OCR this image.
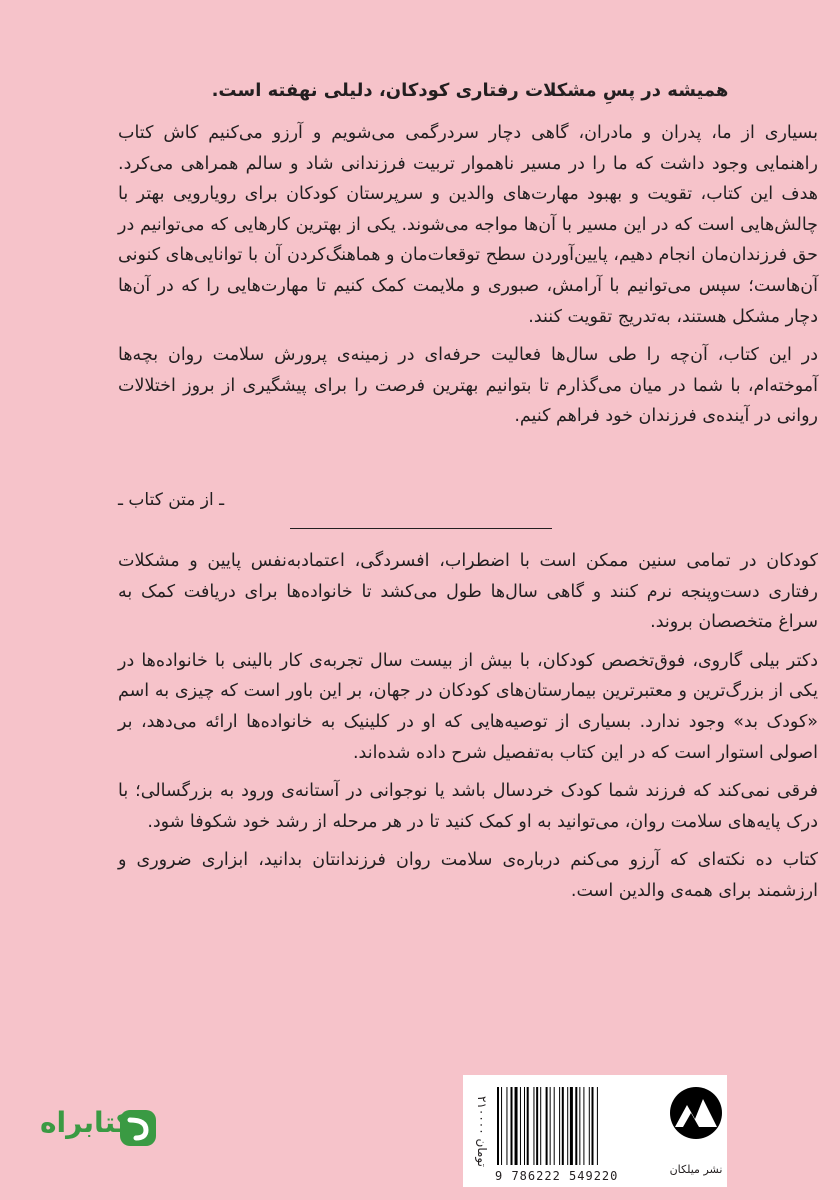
همیشه در پسِ مشکلات رفتاری کودکان، دلیلی نهفته است.

بسیاری از ما، پدران و مادران، گاهی دچار سردرگمی می‌شویم و آرزو می‌کنیم کاش کتاب راهنمایی وجود داشت که ما را در مسیر ناهموار تربیت فرزندانی شاد و سالم همراهی می‌کرد. هدف این کتاب، تقویت و بهبود مهارت‌های والدین و سرپرستان کودکان برای رویارویی بهتر با چالش‌هایی است که در این مسیر با آن‌ها مواجه می‌شوند. یکی از بهترین کارهایی که می‌توانیم در حق فرزندان‌مان انجام دهیم، پایین‌آوردن سطح توقعات‌مان و هماهنگ‌کردن آن با توانایی‌های کنونی آن‌هاست؛ سپس می‌توانیم با آرامش، صبوری و ملایمت کمک کنیم تا مهارت‌هایی را که در آن‌ها دچار مشکل هستند، به‌تدریج تقویت کنند.

در این کتاب، آن‌چه را طی سال‌ها فعالیت حرفه‌ای در زمینه‌ی پرورش سلامت روان بچه‌ها آموخته‌ام، با شما در میان می‌گذارم تا بتوانیم بهترین فرصت را برای پیشگیری از بروز اختلالات روانی در آینده‌ی فرزندان خود فراهم کنیم.

ـ از متن کتاب ـ

کودکان در تمامی سنین ممکن است با اضطراب، افسردگی، اعتمادبه‌نفس پایین و مشکلات رفتاری دست‌وپنجه نرم کنند و گاهی سال‌ها طول می‌کشد تا خانواده‌ها برای دریافت کمک به سراغ متخصصان بروند.

دکتر بیلی گاروی، فوق‌تخصص کودکان، با بیش از بیست سال تجربه‌ی کار بالینی با خانواده‌ها در یکی از بزرگ‌ترین و معتبرترین بیمارستان‌های کودکان در جهان، بر این باور است که چیزی به اسم «کودک بد» وجود ندارد. بسیاری از توصیه‌هایی که او در کلینیک به خانواده‌ها ارائه می‌دهد، بر اصولی استوار است که در این کتاب به‌تفصیل شرح داده شده‌اند.

فرقی نمی‌کند که فرزند شما کودک خردسال باشد یا نوجوانی در آستانه‌ی ورود به بزرگسالی؛ با درک پایه‌های سلامت روان، می‌توانید به او کمک کنید تا در هر مرحله از رشد خود شکوفا شود.

کتاب ده نکته‌ای که آرزو می‌کنم درباره‌ی سلامت روان فرزندانتان بدانید، ابزاری ضروری و ارزشمند برای همه‌ی والدین است.

۲۱۰۰۰۰ تومان
9 786222 549220	نشر میلکان
کتابراه
